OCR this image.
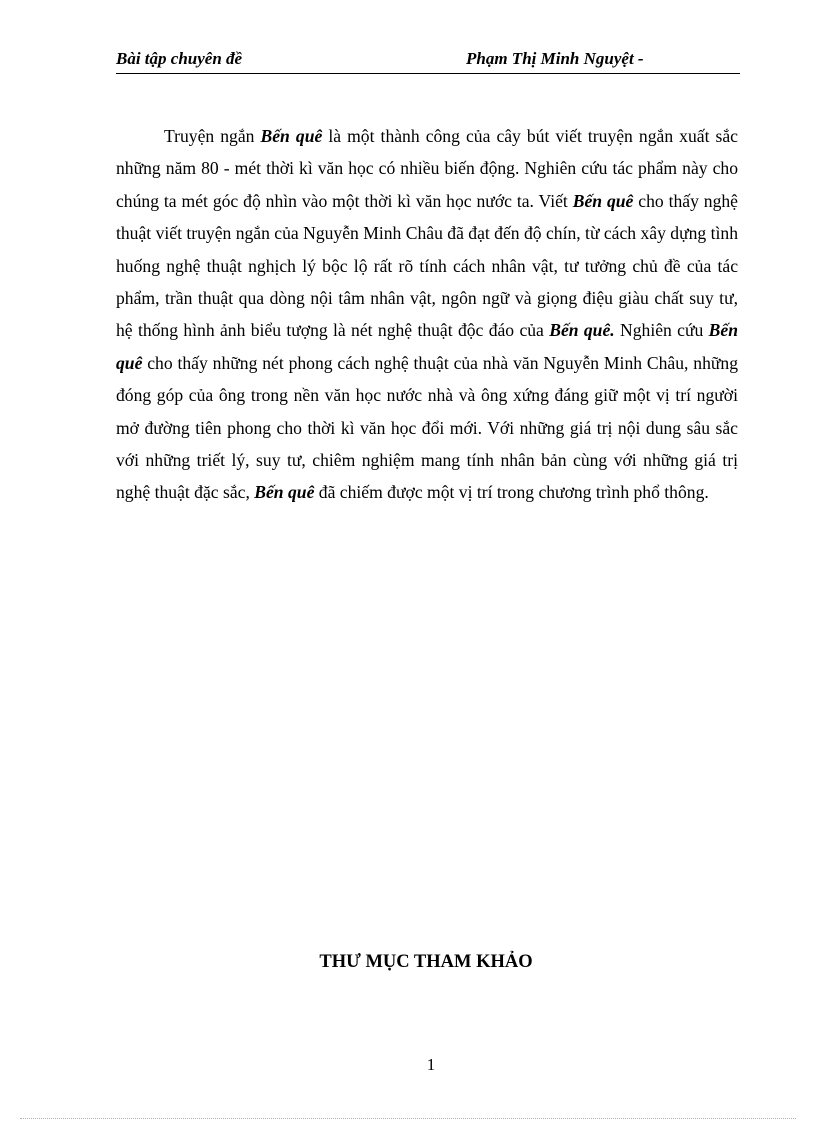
Bài tập chuyên đề	Phạm Thị Minh Nguyệt -

Truyện ngắn Bến quê là một thành công của cây bút viết truyện ngắn xuất sắc những năm 80 - mét thời kì văn học có nhiều biến động. Nghiên cứu tác phẩm này cho chúng ta mét góc độ nhìn vào một thời kì văn học nước ta. Viết Bến quê cho thấy nghệ thuật viết truyện ngắn của Nguyễn Minh Châu đã đạt đến độ chín, từ cách xây dựng tình huống nghệ thuật nghịch lý bộc lộ rất rõ tính cách nhân vật, tư tưởng chủ đề của tác phẩm, trần thuật qua dòng nội tâm nhân vật, ngôn ngữ và giọng điệu giàu chất suy tư, hệ thống hình ảnh biểu tượng là nét nghệ thuật độc đáo của Bến quê. Nghiên cứu Bến quê cho thấy những nét phong cách nghệ thuật của nhà văn Nguyễn Minh Châu, những đóng góp của ông trong nền văn học nước nhà và ông xứng đáng giữ một vị trí người mở đường tiên phong cho thời kì văn học đổi mới. Với những giá trị nội dung sâu sắc với những triết lý, suy tư, chiêm nghiệm mang tính nhân bản cùng với những giá trị nghệ thuật đặc sắc, Bến quê đã chiếm được một vị trí trong chương trình phổ thông.

THƯ MỤC THAM KHẢO
1
